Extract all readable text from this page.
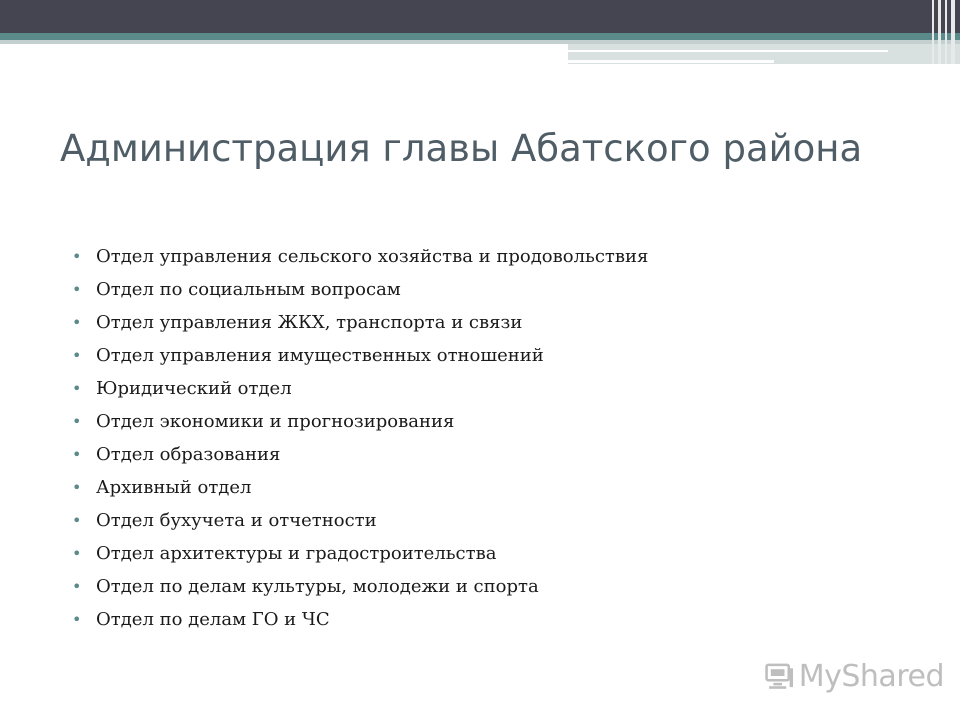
Администрация главы Абатского района
• Отдел управления сельского хозяйства и продовольствия
• Отдел по социальным вопросам
• Отдел управления ЖКХ, транспорта и связи
• Отдел управления имущественных отношений
• Юридический отдел
• Отдел экономики и прогнозирования
• Отдел образования
• Архивный отдел
• Отдел бухучета и отчетности
• Отдел архитектуры и градостроительства
• Отдел по делам культуры, молодежи и спорта
• Отдел по делам ГО и ЧС
MyShared
